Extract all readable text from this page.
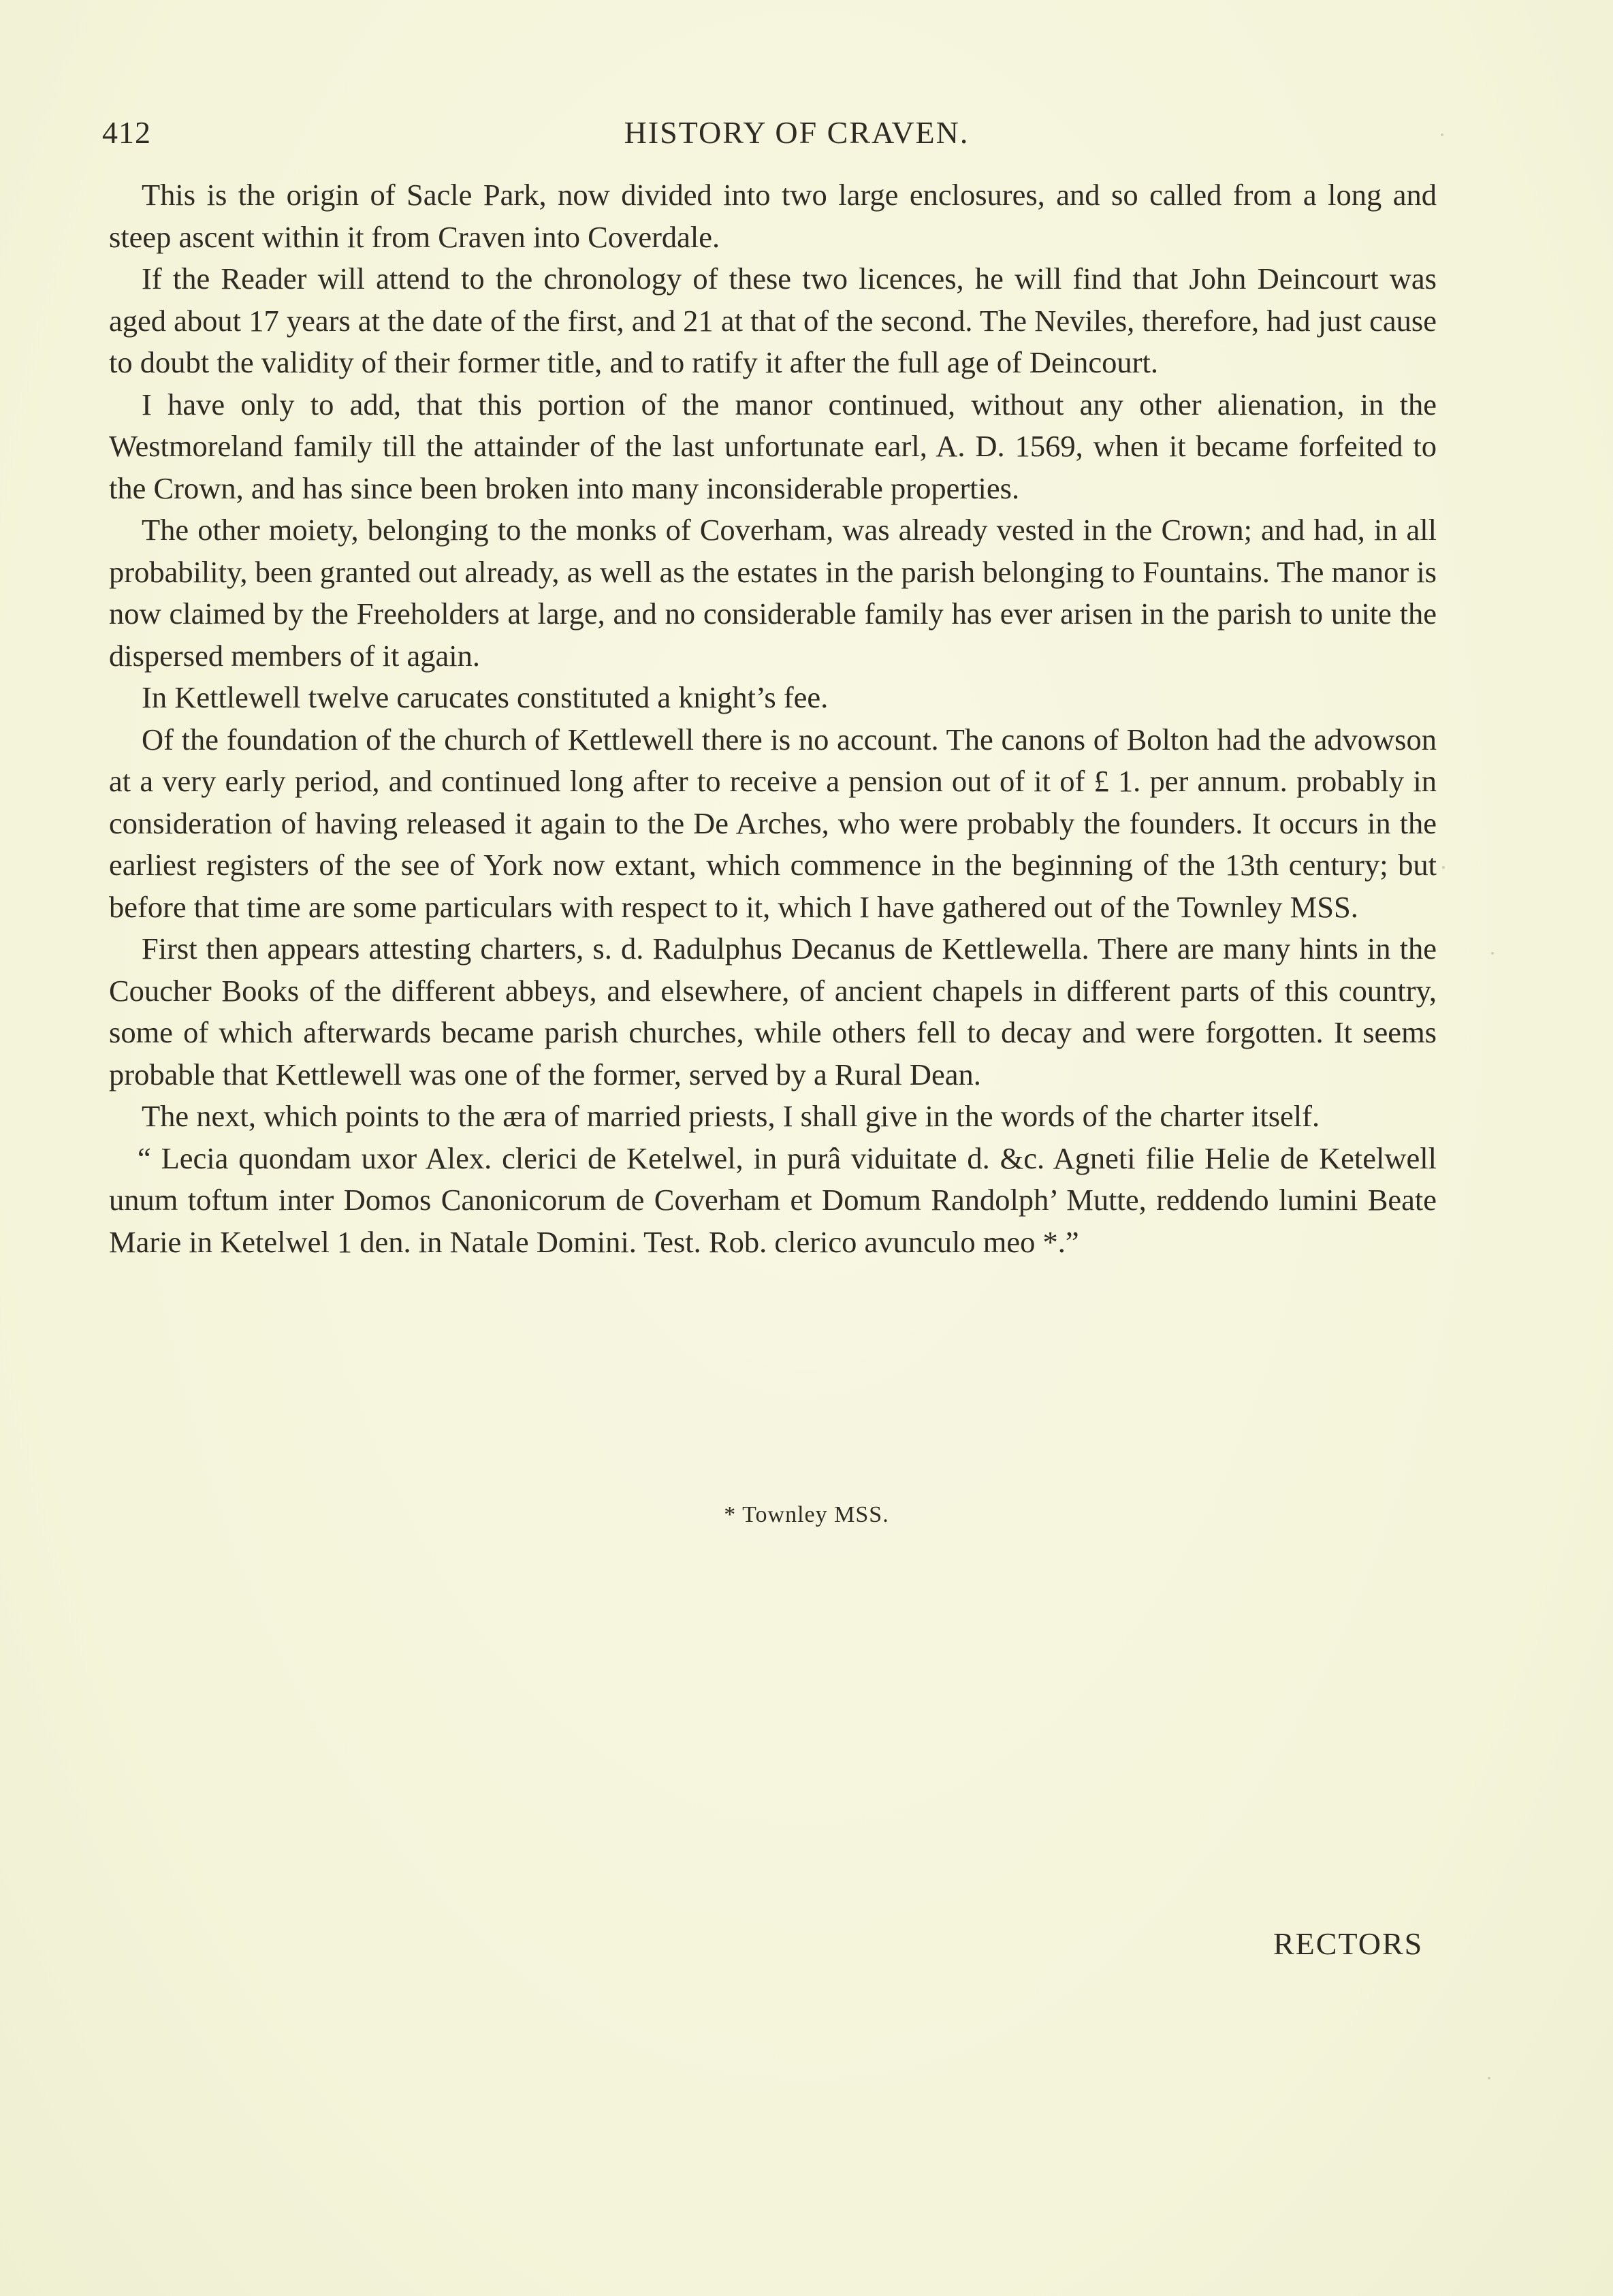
412	HISTORY OF CRAVEN.

This is the origin of Sacle Park, now divided into two large enclosures, and so called from a long and steep ascent within it from Craven into Coverdale.

If the Reader will attend to the chronology of these two licences, he will find that John Deincourt was aged about 17 years at the date of the first, and 21 at that of the second. The Neviles, therefore, had just cause to doubt the validity of their former title, and to ratify it after the full age of Deincourt.

I have only to add, that this portion of the manor continued, without any other alienation, in the Westmoreland family till the attainder of the last unfortunate earl, A. D. 1569, when it became forfeited to the Crown, and has since been broken into many inconsiderable properties.

The other moiety, belonging to the monks of Coverham, was already vested in the Crown; and had, in all probability, been granted out already, as well as the estates in the parish belonging to Fountains. The manor is now claimed by the Freeholders at large, and no considerable family has ever arisen in the parish to unite the dispersed members of it again.

In Kettlewell twelve carucates constituted a knight’s fee.

Of the foundation of the church of Kettlewell there is no account. The canons of Bolton had the advowson at a very early period, and continued long after to receive a pension out of it of £ 1. per annum. probably in consideration of having released it again to the De Arches, who were probably the founders. It occurs in the earliest registers of the see of York now extant, which commence in the beginning of the 13th century; but before that time are some particulars with respect to it, which I have gathered out of the Townley MSS.

First then appears attesting charters, s. d. Radulphus Decanus de Kettlewella. There are many hints in the Coucher Books of the different abbeys, and elsewhere, of ancient chapels in different parts of this country, some of which afterwards became parish churches, while others fell to decay and were forgotten. It seems probable that Kettlewell was one of the former, served by a Rural Dean.

The next, which points to the æra of married priests, I shall give in the words of the charter itself.

“ Lecia quondam uxor Alex. clerici de Ketelwel, in purâ viduitate d. &c. Agneti filie Helie de Ketelwell unum toftum inter Domos Canonicorum de Coverham et Domum Randolph’ Mutte, reddendo lumini Beate Marie in Ketelwel 1 den. in Natale Domini. Test. Rob. clerico avunculo meo *.”

* Townley MSS.
RECTORS
